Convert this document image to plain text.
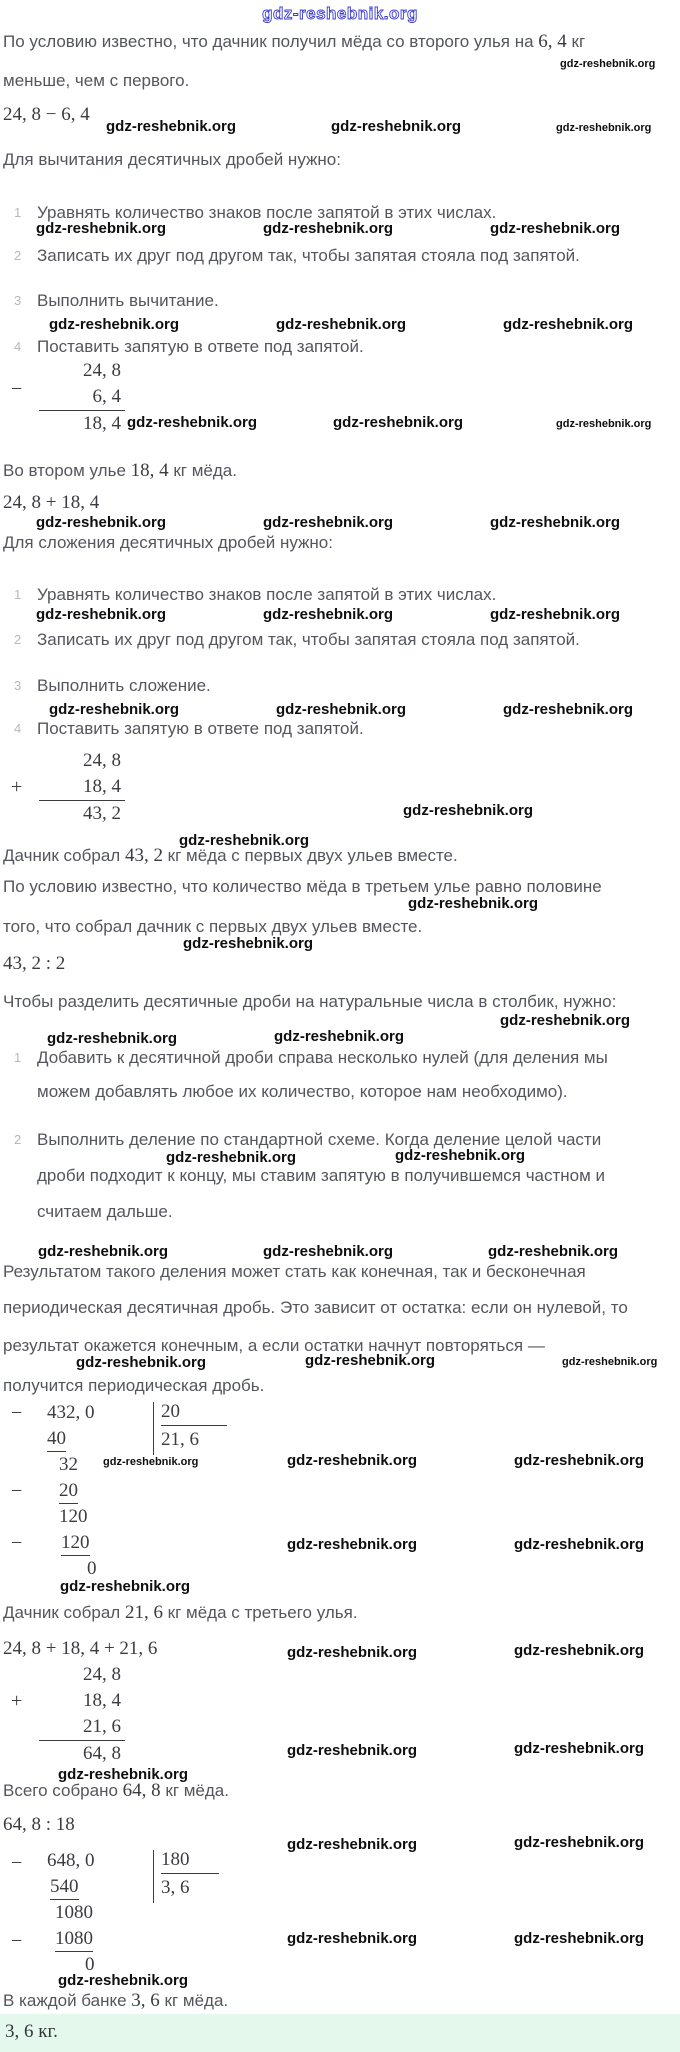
gdz-reshebnik.org
По условию известно, что дачник получил мёда со второго улья на 6, 4 кг
gdz-reshebnik.org
меньше, чем с первого.
24, 8 − 6, 4
gdz-reshebnik.org	gdz-reshebnik.org	gdz-reshebnik.org
Для вычитания десятичных дробей нужно:
1 Уравнять количество знаков после запятой в этих числах.
gdz-reshebnik.org	gdz-reshebnik.org	gdz-reshebnik.org
2 Записать их друг под другом так, чтобы запятая стояла под запятой.
3 Выполнить вычитание.
gdz-reshebnik.org	gdz-reshebnik.org	gdz-reshebnik.org
4 Поставить запятую в ответе под запятой.
−
24, 8
6, 4
18, 4 gdz-reshebnik.org	gdz-reshebnik.org	gdz-reshebnik.org
Во втором улье 18, 4 кг мёда.
24, 8 + 18, 4
gdz-reshebnik.org	gdz-reshebnik.org	gdz-reshebnik.org
Для сложения десятичных дробей нужно:
1 Уравнять количество знаков после запятой в этих числах.
gdz-reshebnik.org	gdz-reshebnik.org	gdz-reshebnik.org
2 Записать их друг под другом так, чтобы запятая стояла под запятой.
3 Выполнить сложение.
gdz-reshebnik.org	gdz-reshebnik.org	gdz-reshebnik.org
4 Поставить запятую в ответе под запятой.
+
24, 8
18, 4
43, 2	gdz-reshebnik.org
gdz-reshebnik.org
Дачник собрал 43, 2 кг мёда с первых двух ульев вместе.
По условию известно, что количество мёда в третьем улье равно половине
gdz-reshebnik.org
того, что собрал дачник с первых двух ульев вместе.
gdz-reshebnik.org
43, 2 : 2
Чтобы разделить десятичные дроби на натуральные числа в столбик, нужно:
gdz-reshebnik.org
gdz-reshebnik.org	gdz-reshebnik.org
1 Добавить к десятичной дроби справа несколько нулей (для деления мы
можем добавлять любое их количество, которое нам необходимо).
2 Выполнить деление по стандартной схеме. Когда деление целой части
gdz-reshebnik.org	gdz-reshebnik.org
дроби подходит к концу, мы ставим запятую в получившемся частном и
считаем дальше.
gdz-reshebnik.org	gdz-reshebnik.org	gdz-reshebnik.org
Результатом такого деления может стать как конечная, так и бесконечная
периодическая десятичная дробь. Это зависит от остатка: если он нулевой, то
результат окажется конечным, а если остатки начнут повторяться —
gdz-reshebnik.org	gdz-reshebnik.org	gdz-reshebnik.org
получится периодическая дробь.
−
−
−
432, 0
40
32
20
120
120
0
20
21, 6
gdz-reshebnik.org	gdz-reshebnik.org	gdz-reshebnik.org
gdz-reshebnik.org	gdz-reshebnik.org
gdz-reshebnik.org
Дачник собрал 21, 6 кг мёда с третьего улья.
24, 8 + 18, 4 + 21, 6	gdz-reshebnik.org	gdz-reshebnik.org
+
24, 8
18, 4
21, 6
64, 8	gdz-reshebnik.org	gdz-reshebnik.org
gdz-reshebnik.org
Всего собрано 64, 8 кг мёда.
64, 8 : 18
gdz-reshebnik.org	gdz-reshebnik.org
−
−
648, 0
540
1080
1080
0
180
3, 6
gdz-reshebnik.org	gdz-reshebnik.org
gdz-reshebnik.org
В каждой банке 3, 6 кг мёда.
3, 6 кг.
